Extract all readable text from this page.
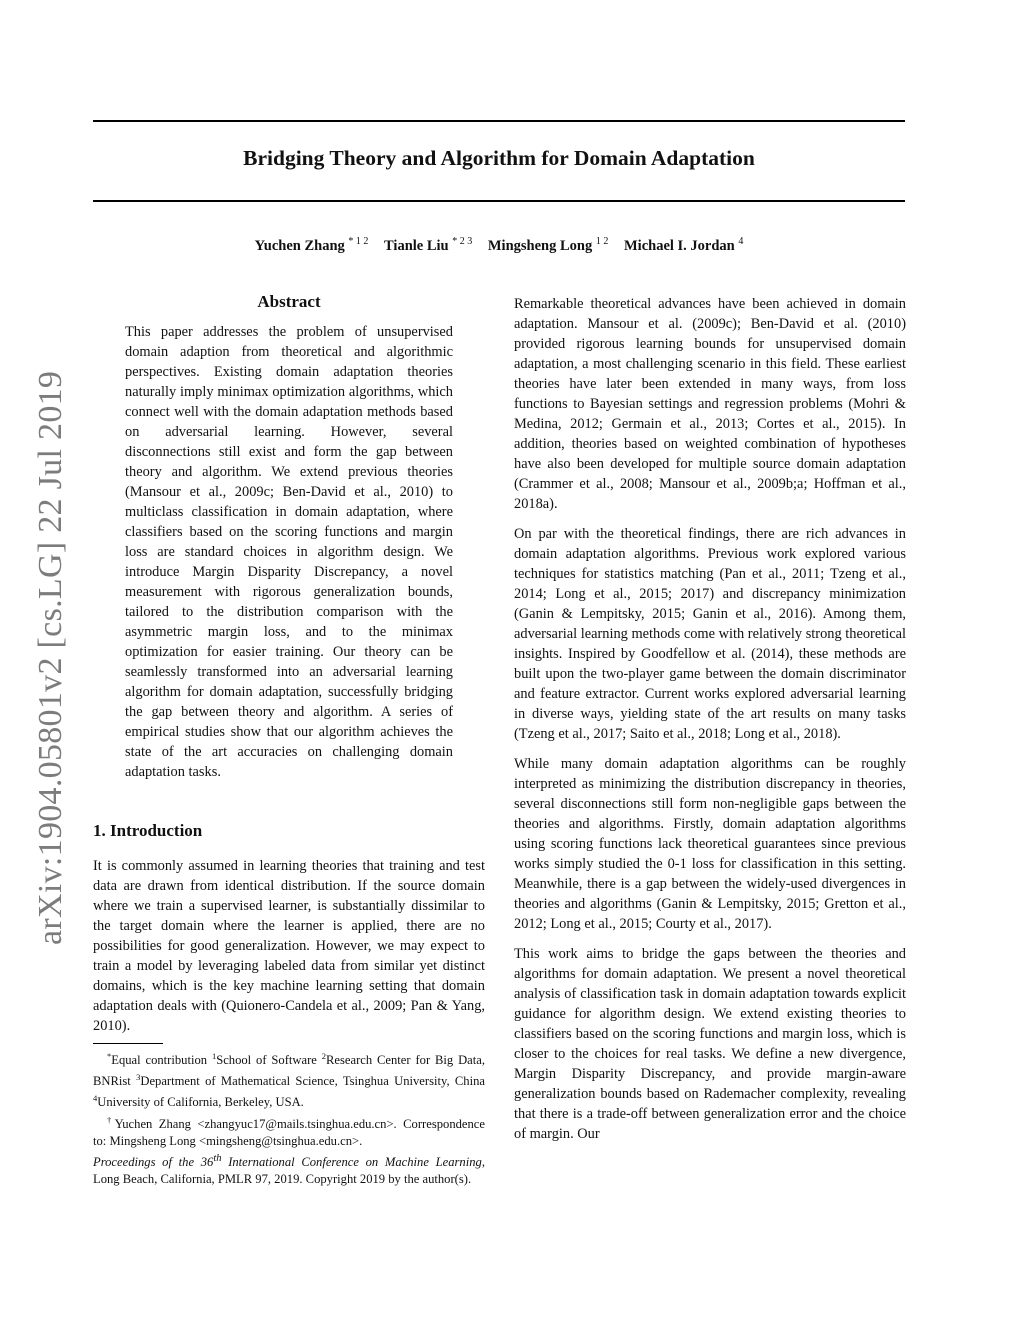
arXiv:1904.05801v2 [cs.LG] 22 Jul 2019
Bridging Theory and Algorithm for Domain Adaptation
Yuchen Zhang $^{* 1 2}$ Tianle Liu $^{* 2 3}$ Mingsheng Long $^{1 2}$ Michael I. Jordan $^4$
Abstract

This paper addresses the problem of unsupervised domain adaption from theoretical and algorithmic perspectives. Existing domain adaptation theories naturally imply minimax optimization algorithms, which connect well with the domain adaptation methods based on adversarial learning. However, several disconnections still exist and form the gap between theory and algorithm. We extend previous theories (Mansour et al., 2009c; Ben-David et al., 2010) to multiclass classification in domain adaptation, where classifiers based on the scoring functions and margin loss are standard choices in algorithm design. We introduce Margin Disparity Discrepancy, a novel measurement with rigorous generalization bounds, tailored to the distribution comparison with the asymmetric margin loss, and to the minimax optimization for easier training. Our theory can be seamlessly transformed into an adversarial learning algorithm for domain adaptation, successfully bridging the gap between theory and algorithm. A series of empirical studies show that our algorithm achieves the state of the art accuracies on challenging domain adaptation tasks.

1. Introduction

It is commonly assumed in learning theories that training and test data are drawn from identical distribution. If the source domain where we train a supervised learner, is substantially dissimilar to the target domain where the learner is applied, there are no possibilities for good generalization. However, we may expect to train a model by leveraging labeled data from similar yet distinct domains, which is the key machine learning setting that domain adaptation deals with (Quionero-Candela et al., 2009; Pan & Yang, 2010).

*Equal contribution $^1$School of Software $^2$Research Center for Big Data, BNRist $^3$Department of Mathematical Science, Tsinghua University, China $^4$University of California, Berkeley, USA.

†Yuchen Zhang <zhangyuc17@mails.tsinghua.edu.cn>. Correspondence to: Mingsheng Long <mingsheng@tsinghua.edu.cn>.

Proceedings of the 36th International Conference on Machine Learning, Long Beach, California, PMLR 97, 2019. Copyright 2019 by the author(s).

Remarkable theoretical advances have been achieved in domain adaptation. Mansour et al. (2009c); Ben-David et al. (2010) provided rigorous learning bounds for unsupervised domain adaptation, a most challenging scenario in this field. These earliest theories have later been extended in many ways, from loss functions to Bayesian settings and regression problems (Mohri & Medina, 2012; Germain et al., 2013; Cortes et al., 2015). In addition, theories based on weighted combination of hypotheses have also been developed for multiple source domain adaptation (Crammer et al., 2008; Mansour et al., 2009b;a; Hoffman et al., 2018a).

On par with the theoretical findings, there are rich advances in domain adaptation algorithms. Previous work explored various techniques for statistics matching (Pan et al., 2011; Tzeng et al., 2014; Long et al., 2015; 2017) and discrepancy minimization (Ganin & Lempitsky, 2015; Ganin et al., 2016). Among them, adversarial learning methods come with relatively strong theoretical insights. Inspired by Goodfellow et al. (2014), these methods are built upon the two-player game between the domain discriminator and feature extractor. Current works explored adversarial learning in diverse ways, yielding state of the art results on many tasks (Tzeng et al., 2017; Saito et al., 2018; Long et al., 2018).

While many domain adaptation algorithms can be roughly interpreted as minimizing the distribution discrepancy in theories, several disconnections still form non-negligible gaps between the theories and algorithms. Firstly, domain adaptation algorithms using scoring functions lack theoretical guarantees since previous works simply studied the 0-1 loss for classification in this setting. Meanwhile, there is a gap between the widely-used divergences in theories and algorithms (Ganin & Lempitsky, 2015; Gretton et al., 2012; Long et al., 2015; Courty et al., 2017).

This work aims to bridge the gaps between the theories and algorithms for domain adaptation. We present a novel theoretical analysis of classification task in domain adaptation towards explicit guidance for algorithm design. We extend existing theories to classifiers based on the scoring functions and margin loss, which is closer to the choices for real tasks. We define a new divergence, Margin Disparity Discrepancy, and provide margin-aware generalization bounds based on Rademacher complexity, revealing that there is a trade-off between generalization error and the choice of margin. Our
